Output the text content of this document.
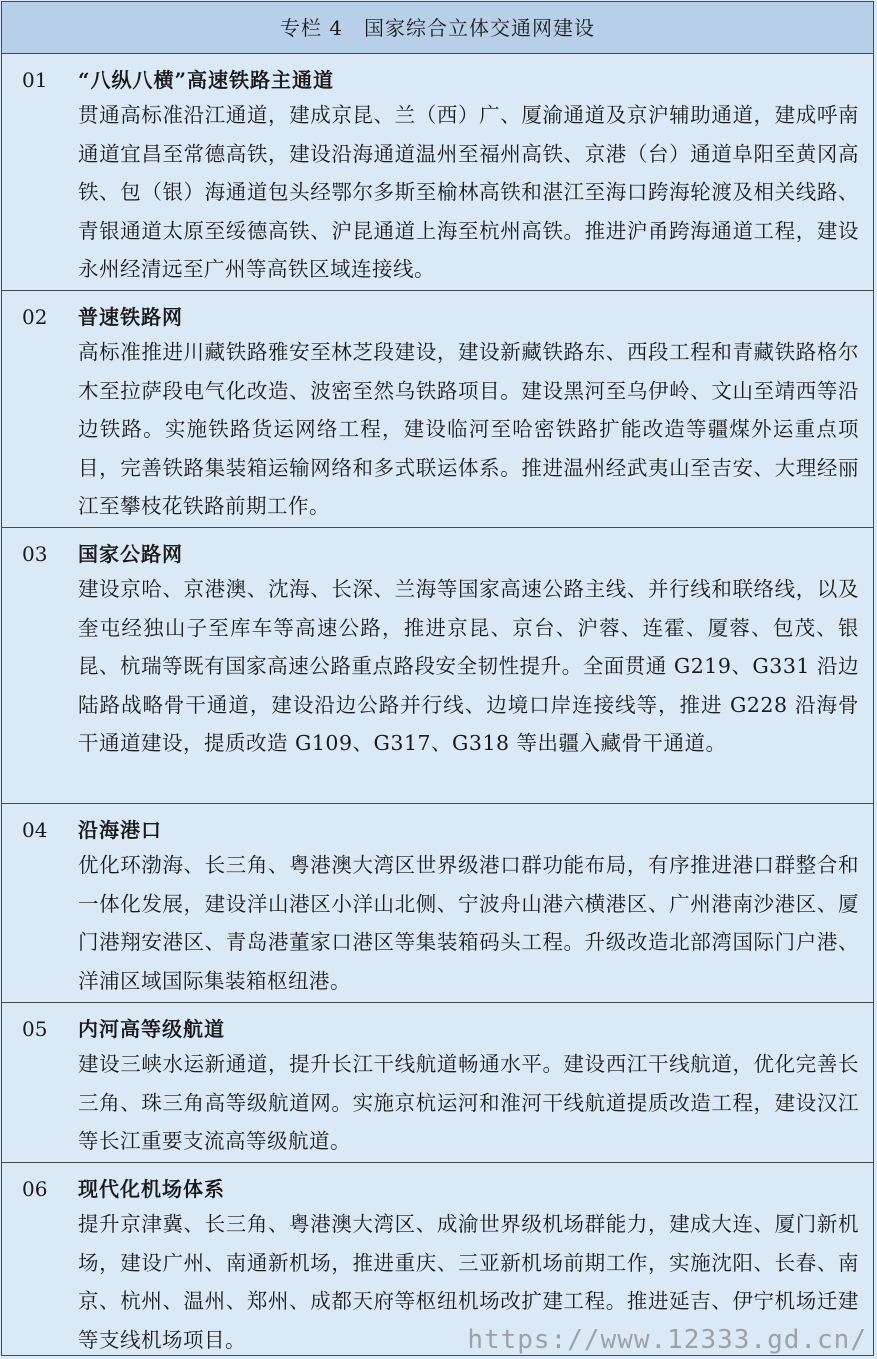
专栏 4　国家综合立体交通网建设
01 “八纵八横”高速铁路主通道
贯通高标准沿江通道，建成京昆、兰（西）广、厦渝通道及京沪辅助通道，建成呼南通道宜昌至常德高铁，建设沿海通道温州至福州高铁、京港（台）通道阜阳至黄冈高铁、包（银）海通道包头经鄂尔多斯至榆林高铁和湛江至海口跨海轮渡及相关线路、青银通道太原至绥德高铁、沪昆通道上海至杭州高铁。推进沪甬跨海通道工程，建设永州经清远至广州等高铁区域连接线。
02 普速铁路网
高标准推进川藏铁路雅安至林芝段建设，建设新藏铁路东、西段工程和青藏铁路格尔木至拉萨段电气化改造、波密至然乌铁路项目。建设黑河至乌伊岭、文山至靖西等沿边铁路。实施铁路货运网络工程，建设临河至哈密铁路扩能改造等疆煤外运重点项目，完善铁路集装箱运输网络和多式联运体系。推进温州经武夷山至吉安、大理经丽江至攀枝花铁路前期工作。
03 国家公路网
建设京哈、京港澳、沈海、长深、兰海等国家高速公路主线、并行线和联络线，以及奎屯经独山子至库车等高速公路，推进京昆、京台、沪蓉、连霍、厦蓉、包茂、银昆、杭瑞等既有国家高速公路重点路段安全韧性提升。全面贯通 G219、G331 沿边陆路战略骨干通道，建设沿边公路并行线、边境口岸连接线等，推进 G228 沿海骨干通道建设，提质改造 G109、G317、G318 等出疆入藏骨干通道。
04 沿海港口
优化环渤海、长三角、粤港澳大湾区世界级港口群功能布局，有序推进港口群整合和一体化发展，建设洋山港区小洋山北侧、宁波舟山港六横港区、广州港南沙港区、厦门港翔安港区、青岛港董家口港区等集装箱码头工程。升级改造北部湾国际门户港、洋浦区域国际集装箱枢纽港。
05 内河高等级航道
建设三峡水运新通道，提升长江干线航道畅通水平。建设西江干线航道，优化完善长三角、珠三角高等级航道网。实施京杭运河和淮河干线航道提质改造工程，建设汉江等长江重要支流高等级航道。
06 现代化机场体系
提升京津冀、长三角、粤港澳大湾区、成渝世界级机场群能力，建成大连、厦门新机场，建设广州、南通新机场，推进重庆、三亚新机场前期工作，实施沈阳、长春、南京、杭州、温州、郑州、成都天府等枢纽机场改扩建工程。推进延吉、伊宁机场迁建等支线机场项目。	https://www.12333.gd.cn/
